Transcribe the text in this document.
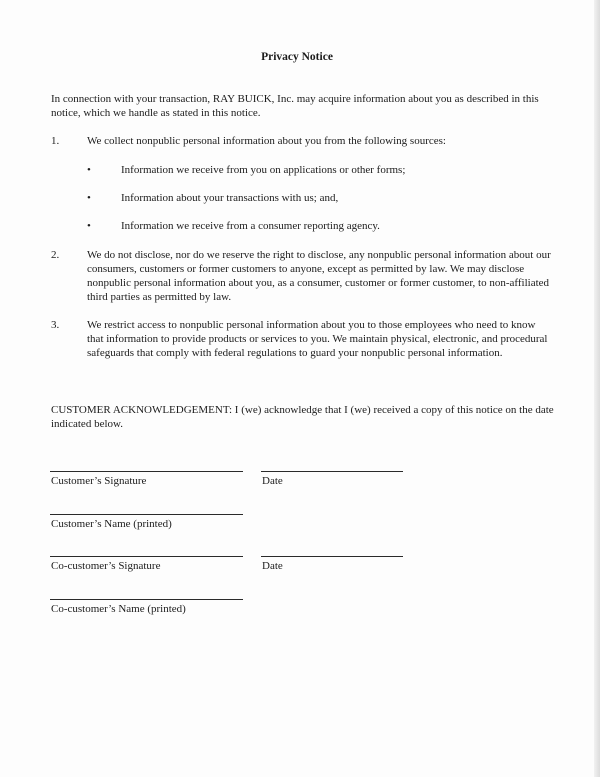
Privacy Notice
In connection with your transaction, RAY BUICK, Inc. may acquire information about you as described in this notice, which we handle as stated in this notice.
1.	We collect nonpublic personal information about you from the following sources:
•	Information we receive from you on applications or other forms;
•	Information about your transactions with us; and,
•	Information we receive from a consumer reporting agency.
2.	We do not disclose, nor do we reserve the right to disclose, any nonpublic personal information about our consumers, customers or former customers to anyone, except as permitted by law. We may disclose nonpublic personal information about you, as a consumer, customer or former customer, to non-affiliated third parties as permitted by law.
3.	We restrict access to nonpublic personal information about you to those employees who need to know that information to provide products or services to you. We maintain physical, electronic, and procedural safeguards that comply with federal regulations to guard your nonpublic personal information.
CUSTOMER ACKNOWLEDGEMENT: I (we) acknowledge that I (we) received a copy of this notice on the date indicated below.
Customer’s Signature	Date
Customer’s Name (printed)
Co-customer’s Signature	Date
Co-customer’s Name (printed)
